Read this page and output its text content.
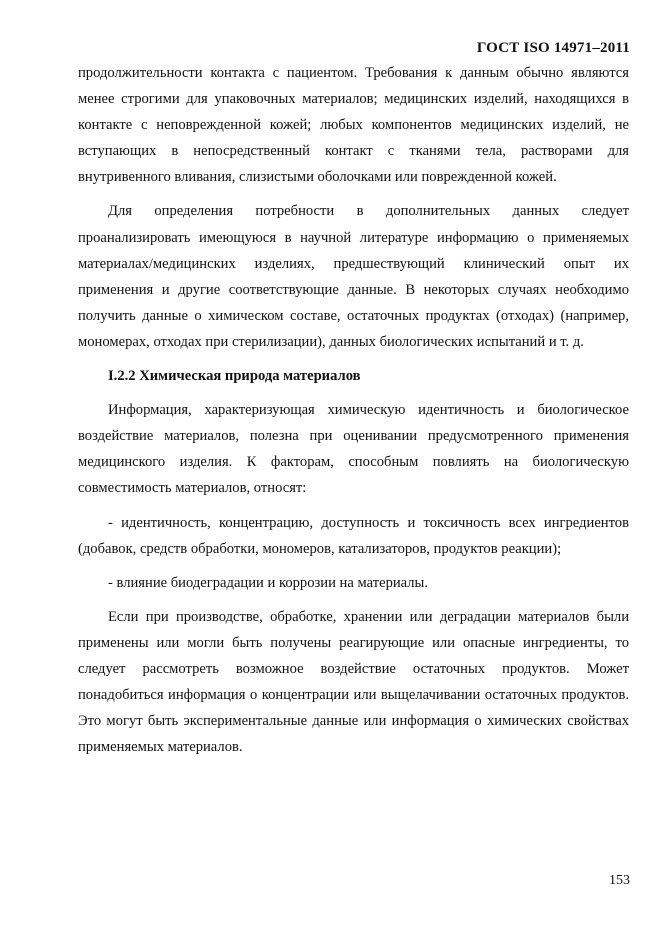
ГОСТ ISO 14971–2011

продолжительности контакта с пациентом. Требования к данным обычно являются менее строгими для упаковочных материалов; медицинских изделий, находящихся в контакте с неповрежденной кожей; любых компонентов медицинских изделий, не вступающих в непосредственный контакт с тканями тела, растворами для внутривенного вливания, слизистыми оболочками или поврежденной кожей.

Для определения потребности в дополнительных данных следует проанализировать имеющуюся в научной литературе информацию о применяемых материалах/медицинских изделиях, предшествующий клинический опыт их применения и другие соответствующие данные. В некоторых случаях необходимо получить данные о химическом составе, остаточных продуктах (отходах) (например, мономерах, отходах при стерилизации), данных биологических испытаний и т. д.

I.2.2 Химическая природа материалов

Информация, характеризующая химическую идентичность и биологическое воздействие материалов, полезна при оценивании предусмотренного применения медицинского изделия. К факторам, способным повлиять на биологическую совместимость материалов, относят:

- идентичность, концентрацию, доступность и токсичность всех ингредиентов (добавок, средств обработки, мономеров, катализаторов, продуктов реакции);

- влияние биодеградации и коррозии на материалы.

Если при производстве, обработке, хранении или деградации материалов были применены или могли быть получены реагирующие или опасные ингредиенты, то следует рассмотреть возможное воздействие остаточных продуктов. Может понадобиться информация о концентрации или выщелачивании остаточных продуктов. Это могут быть экспериментальные данные или информация о химических свойствах применяемых материалов.

153
